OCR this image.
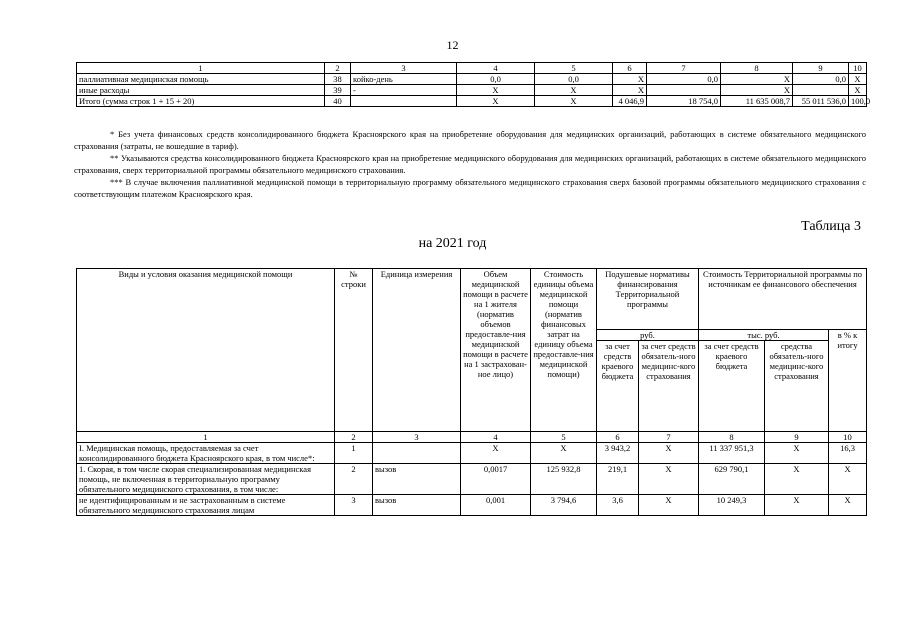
12
1	2	3	4	5	6	7	8	9	10
паллиативная медицинская помощь	38	койко-день	0,0	0,0	X	0,0	X	0,0	X
иные расходы	39	-	X	X	X		X		X
Итого (сумма строк 1 + 15 + 20)	40		X	X	4 046,9	18 754,0	11 635 008,7	55 011 536,0	100,0

* Без учета финансовых средств консолидированного бюджета Красноярского края на приобретение оборудования для медицинских организаций, работающих в системе обязательного медицинского страхования (затраты, не вошедшие в тариф).

** Указываются средства консолидированного бюджета Красноярского края на приобретение медицинского оборудования для медицинских организаций, работающих в системе обязательного медицинского страхования, сверх территориальной программы обязательного медицинского страхования.

*** В случае включения паллиативной медицинской помощи в территориальную программу обязательного медицинского страхования сверх базовой программы обязательного медицинского страхования с соответствующим платежом Красноярского края.

Таблица 3
на 2021 год
Виды и условия оказания медицинской помощи	№ строки	Единица измерения	Объем медицинской помощи в расчете на 1 жителя (норматив объемов предоставле-ния медицинской помощи в расчете на 1 застрахован-ное лицо)	Стоимость единицы объема медицинской помощи (норматив финансовых затрат на единицу объема предоставле-ния медицинской помощи)	Подушевые нормативы финансирования Территориальной программы		Стоимость Территориальной программы по источникам ее финансового обеспечения		
					руб.		тыс. руб.		в % к итогу
					за счет средств краевого бюджета	за счет средств обязатель-ного медицинс-кого страхования	за счет средств краевого бюджета	средства обязатель-ного медицинс-кого страхования	
1	2	3	4	5	6	7	8	9	10
I. Медицинская помощь, предоставляемая за счет консолидированного бюджета Красноярского края, в том числе*:	1		X	X	3 943,2	X	11 337 951,3	X	16,3
1. Скорая, в том числе скорая специализированная медицинская помощь, не включенная в территориальную программу обязательного медицинского страхования, в том числе:	2	вызов	0,0017	125 932,8	219,1	X	629 790,1	X	X
не идентифицированным и не застрахованным в системе обязательного медицинского страхования лицам	3	вызов	0,001	3 794,6	3,6	X	10 249,3	X	X
